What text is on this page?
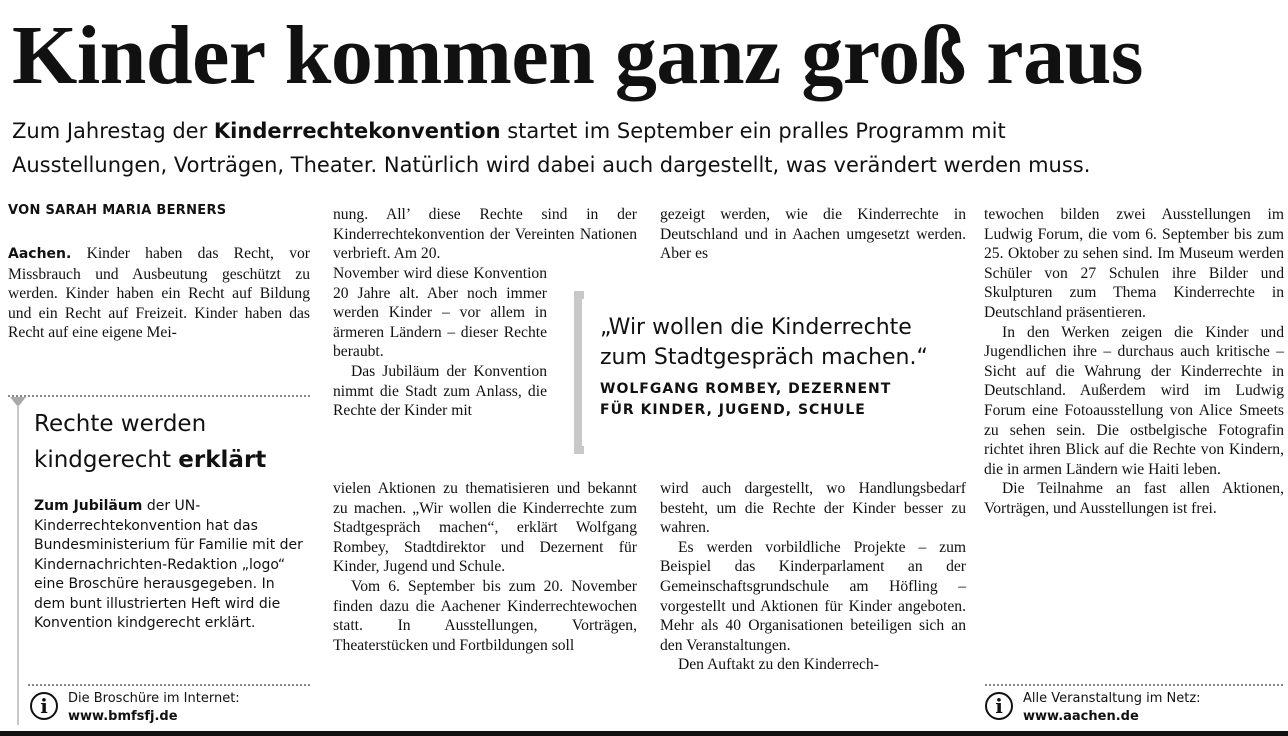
Kinder kommen ganz groß raus
Zum Jahrestag der Kinderrechtekonvention startet im September ein pralles Programm mit
Ausstellungen, Vorträgen, Theater. Natürlich wird dabei auch dargestellt, was verändert werden muss.
VON SARAH MARIA BERNERS

Aachen. Kinder haben das Recht, vor Missbrauch und Ausbeutung geschützt zu werden. Kinder haben ein Recht auf Bildung und ein Recht auf Freizeit. Kinder haben das Recht auf eine eigene Mei-

Rechte werden
kindgerecht erklärt
Zum Jubiläum der UN-Kinderrechtekonvention hat das Bundesministerium für Familie mit der Kindernachrichten-Redaktion „logo“ eine Broschüre herausgegeben. In dem bunt illustrierten Heft wird die Konvention kindgerecht erklärt.
i	Die Broschüre im Internet:
www.bmfsfj.de

nung. All’ diese Rechte sind in der Kinderrechtekonvention der Vereinten Nationen verbrieft. Am 20.

November wird diese Konvention 20 Jahre alt. Aber noch immer werden Kinder – vor allem in ärmeren Ländern – dieser Rechte beraubt.

Das Jubiläum der Konvention nimmt die Stadt zum Anlass, die Rechte der Kinder mit

vielen Aktionen zu thematisieren und bekannt zu machen. „Wir wollen die Kinderrechte zum Stadtgespräch machen“, erklärt Wolfgang Rombey, Stadtdirektor und Dezernent für Kinder, Jugend und Schule.

Vom 6. September bis zum 20. November finden dazu die Aachener Kinderrechtewochen statt. In Ausstellungen, Vorträgen, Theaterstücken und Fortbildungen soll

gezeigt werden, wie die Kinderrechte in Deutschland und in Aachen umgesetzt werden. Aber es

„Wir wollen die Kinderrechte
zum Stadtgespräch machen.“
WOLFGANG ROMBEY, DEZERNENT
FÜR KINDER, JUGEND, SCHULE

wird auch dargestellt, wo Handlungsbedarf besteht, um die Rechte der Kinder besser zu wahren.

Es werden vorbildliche Projekte – zum Beispiel das Kinderparlament an der Gemeinschaftsgrundschule am Höfling – vorgestellt und Aktionen für Kinder angeboten. Mehr als 40 Organisationen beteiligen sich an den Veranstaltungen.

Den Auftakt zu den Kinderrech-

tewochen bilden zwei Ausstellungen im Ludwig Forum, die vom 6. September bis zum 25. Oktober zu sehen sind. Im Museum werden Schüler von 27 Schulen ihre Bilder und Skulpturen zum Thema Kinderrechte in Deutschland präsentieren.

In den Werken zeigen die Kinder und Jugendlichen ihre – durchaus auch kritische – Sicht auf die Wahrung der Kinderrechte in Deutschland. Außerdem wird im Ludwig Forum eine Fotoausstellung von Alice Smeets zu sehen sein. Die ostbelgische Fotografin richtet ihren Blick auf die Rechte von Kindern, die in armen Ländern wie Haiti leben.

Die Teilnahme an fast allen Aktionen, Vorträgen, und Ausstellungen ist frei.

i	Alle Veranstaltung im Netz:
www.aachen.de
